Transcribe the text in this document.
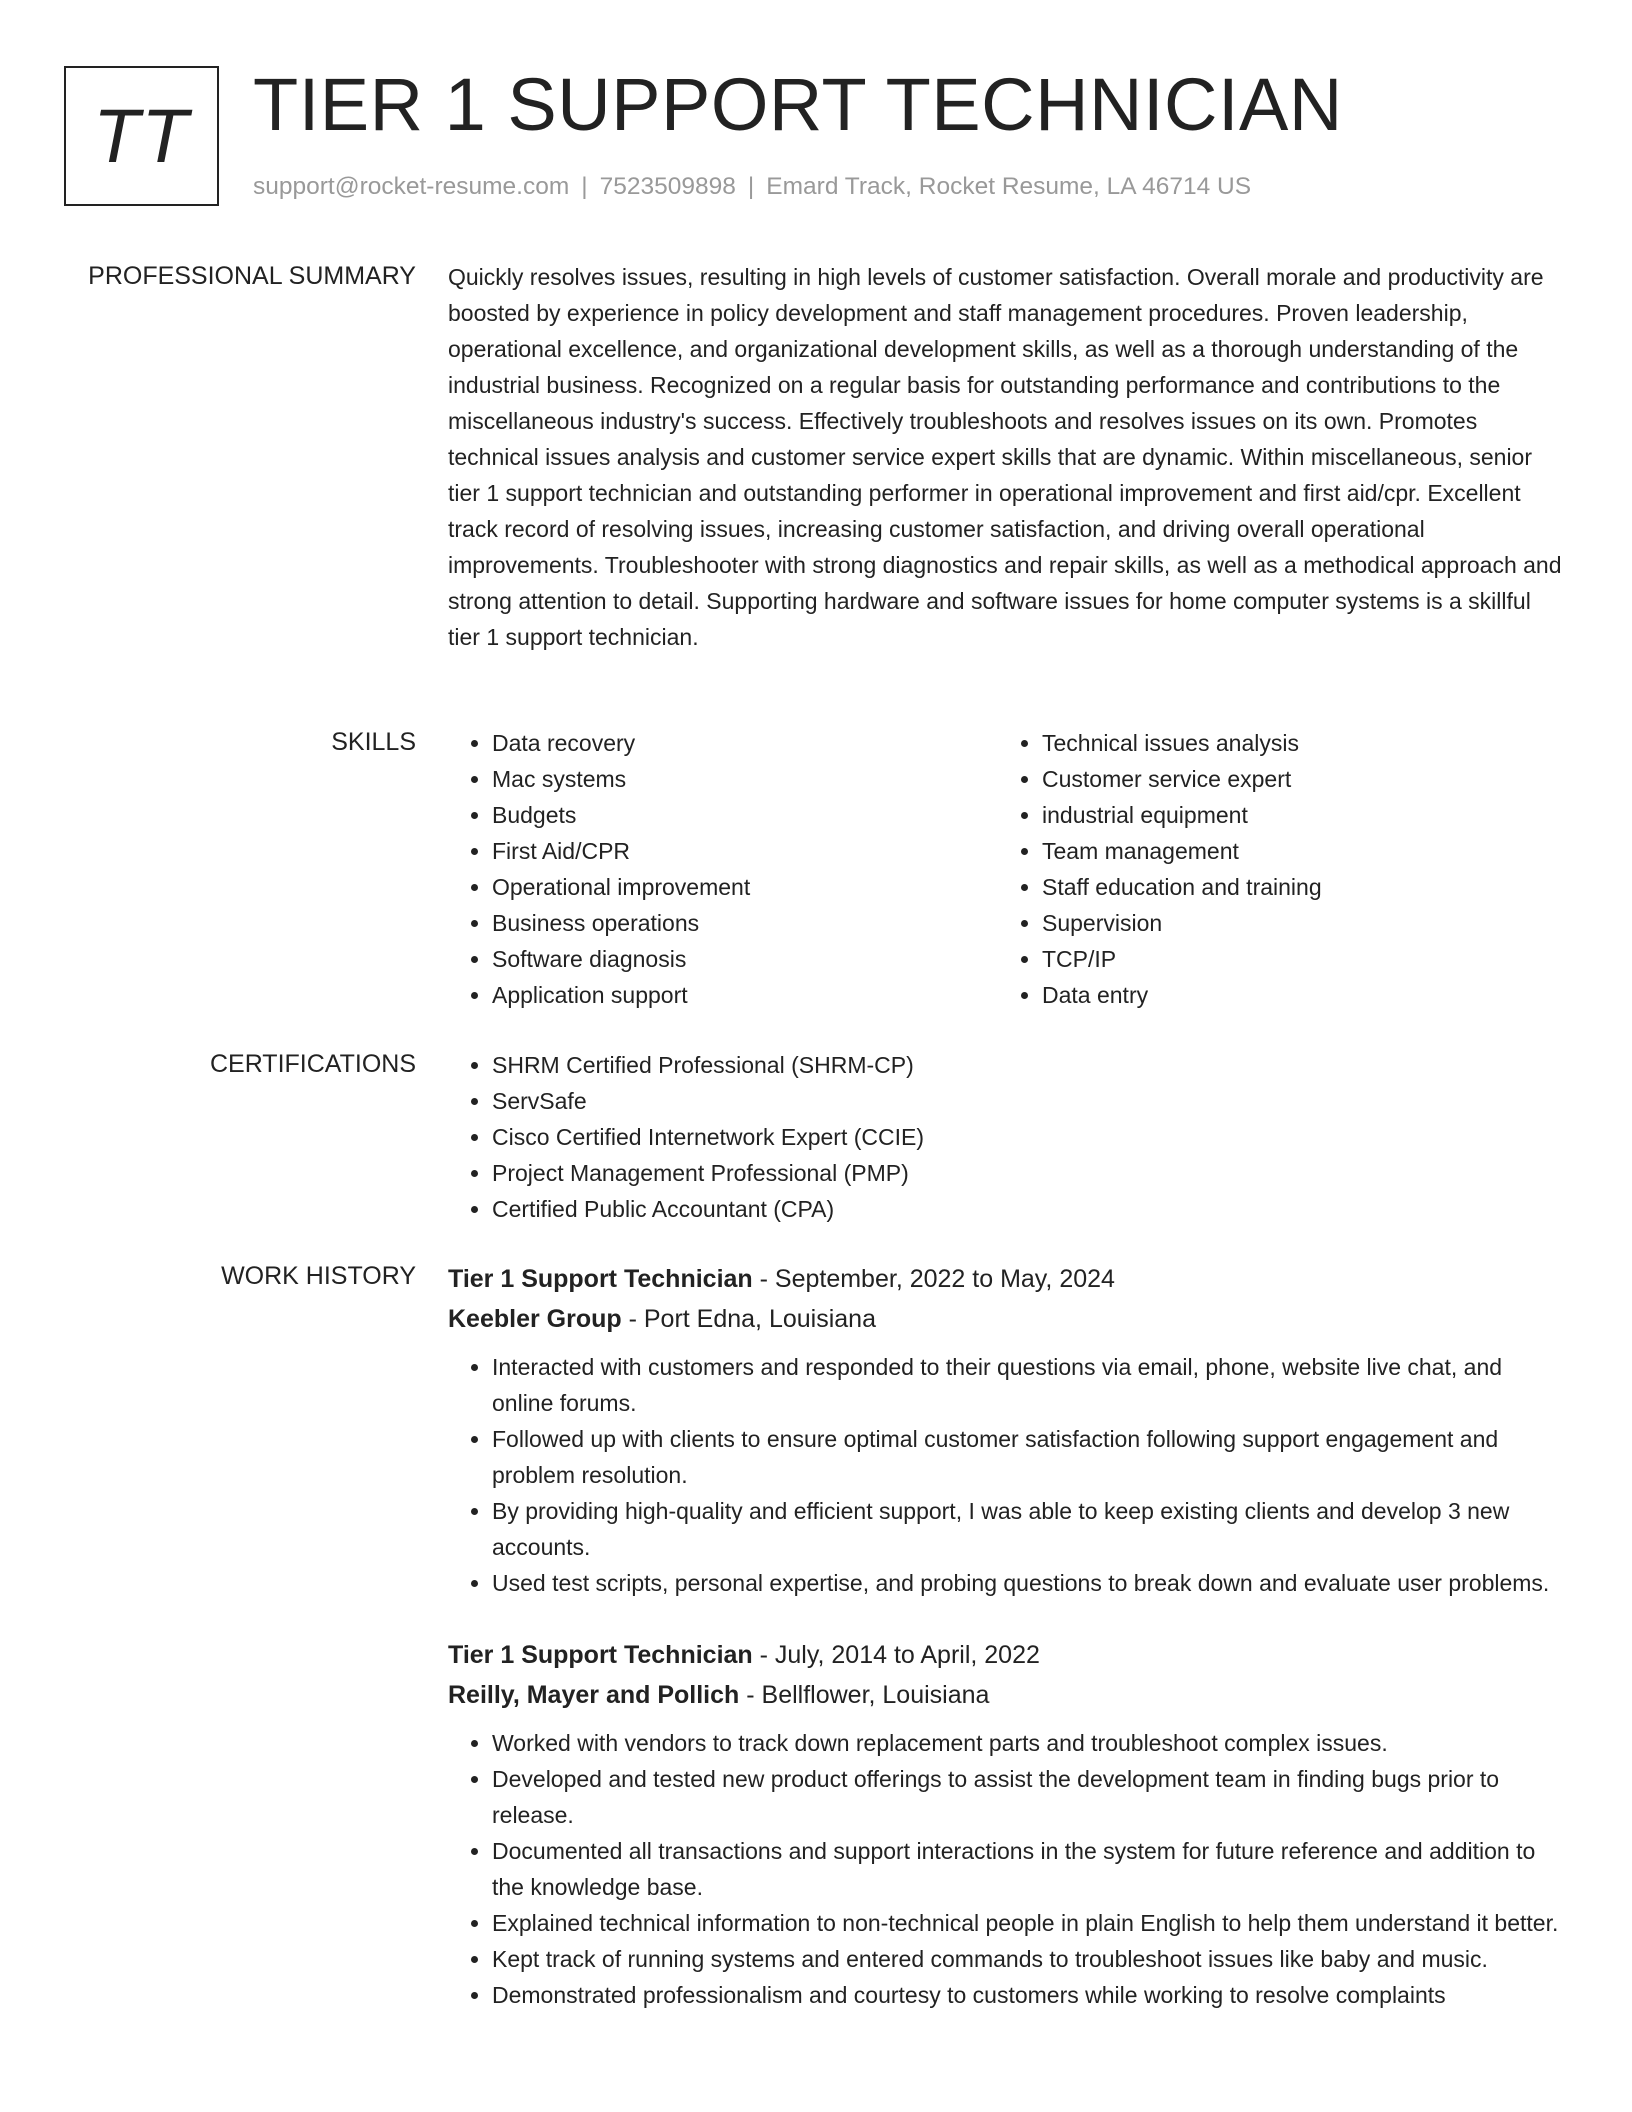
TT TIER 1 SUPPORT TECHNICIAN
support@rocket-resume.com | 7523509898 | Emard Track, Rocket Resume, LA 46714 US
PROFESSIONAL SUMMARY Quickly resolves issues, resulting in high levels of customer satisfaction. Overall morale and productivity are boosted by experience in policy development and staff management procedures. Proven leadership, operational excellence, and organizational development skills, as well as a thorough understanding of the industrial business. Recognized on a regular basis for outstanding performance and contributions to the miscellaneous industry's success. Effectively troubleshoots and resolves issues on its own. Promotes technical issues analysis and customer service expert skills that are dynamic. Within miscellaneous, senior tier 1 support technician and outstanding performer in operational improvement and first aid/cpr. Excellent track record of resolving issues, increasing customer satisfaction, and driving overall operational improvements. Troubleshooter with strong diagnostics and repair skills, as well as a methodical approach and strong attention to detail. Supporting hardware and software issues for home computer systems is a skillful tier 1 support technician.

SKILLS	• Data recovery
• Mac systems
• Budgets
• First Aid/CPR
• Operational improvement
• Business operations
• Software diagnosis
• Application support
• Technical issues analysis
• Customer service expert
• industrial equipment
• Team management
• Staff education and training
• Supervision
• TCP/IP
• Data entry
CERTIFICATIONS	• SHRM Certified Professional (SHRM-CP)
• ServSafe
• Cisco Certified Internetwork Expert (CCIE)
• Project Management Professional (PMP)
• Certified Public Accountant (CPA)
WORK HISTORY Tier 1 Support Technician - September, 2022 to May, 2024
Keebler Group - Port Edna, Louisiana
• Interacted with customers and responded to their questions via email, phone, website live chat, and online forums.
• Followed up with clients to ensure optimal customer satisfaction following support engagement and problem resolution.
• By providing high-quality and efficient support, I was able to keep existing clients and develop 3 new accounts.
• Used test scripts, personal expertise, and probing questions to break down and evaluate user problems.
Tier 1 Support Technician - July, 2014 to April, 2022
Reilly, Mayer and Pollich - Bellflower, Louisiana
• Worked with vendors to track down replacement parts and troubleshoot complex issues.
• Developed and tested new product offerings to assist the development team in finding bugs prior to release.
• Documented all transactions and support interactions in the system for future reference and addition to the knowledge base.
• Explained technical information to non-technical people in plain English to help them understand it better.
• Kept track of running systems and entered commands to troubleshoot issues like baby and music.
• Demonstrated professionalism and courtesy to customers while working to resolve complaints
